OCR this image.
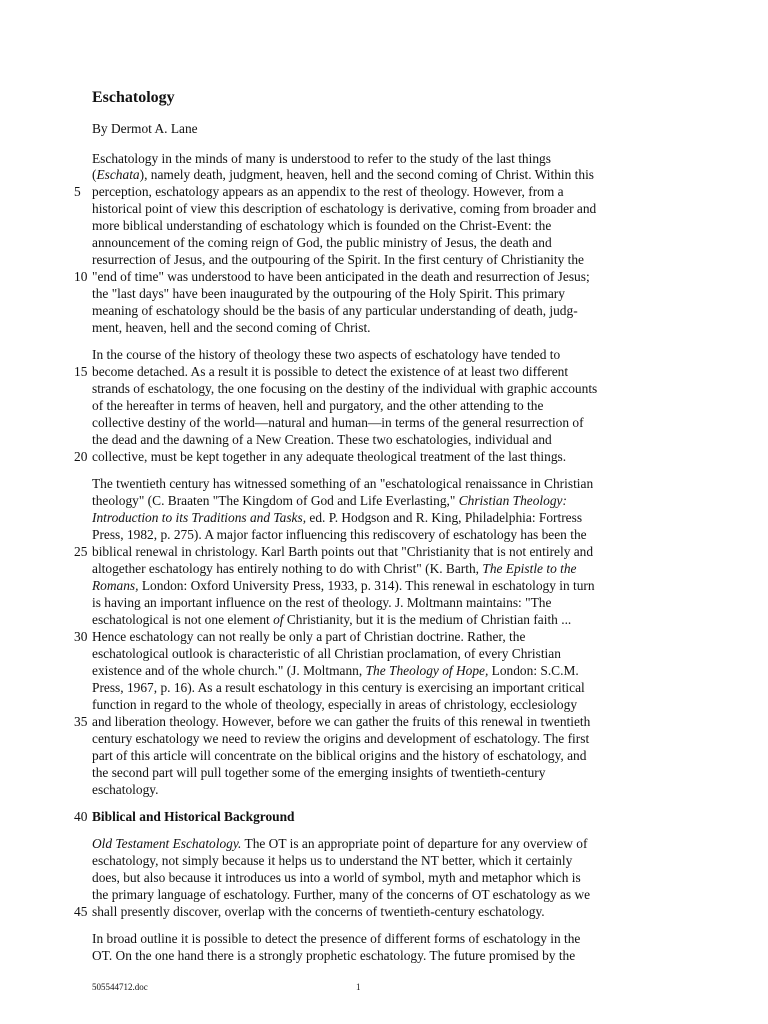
Eschatology
By Dermot A. Lane
Eschatology in the minds of many is understood to refer to the study of the last things
(Eschata), namely death, judgment, heaven, hell and the second coming of Christ. Within this
perception, eschatology appears as an appendix to the rest of theology. However, from a
5
historical point of view this description of eschatology is derivative, coming from broader and
more biblical understanding of eschatology which is founded on the Christ-Event: the
announcement of the coming reign of God, the public ministry of Jesus, the death and
resurrection of Jesus, and the outpouring of the Spirit. In the first century of Christianity the
"end of time" was understood to have been anticipated in the death and resurrection of Jesus;
10
the "last days" have been inaugurated by the outpouring of the Holy Spirit. This primary
meaning of eschatology should be the basis of any particular understanding of death, judg-
ment, heaven, hell and the second coming of Christ.
In the course of the history of theology these two aspects of eschatology have tended to
become detached. As a result it is possible to detect the existence of at least two different
15
strands of eschatology, the one focusing on the destiny of the individual with graphic accounts
of the hereafter in terms of heaven, hell and purgatory, and the other attending to the
collective destiny of the world—natural and human—in terms of the general resurrection of
the dead and the dawning of a New Creation. These two eschatologies, individual and
collective, must be kept together in any adequate theological treatment of the last things.
20
The twentieth century has witnessed something of an "eschatological renaissance in Christian
theology" (C. Braaten "The Kingdom of God and Life Everlasting," Christian Theology:
Introduction to its Traditions and Tasks, ed. P. Hodgson and R. King, Philadelphia: Fortress
Press, 1982, p. 275). A major factor influencing this rediscovery of eschatology has been the
biblical renewal in christology. Karl Barth points out that "Christianity that is not entirely and
25
altogether eschatology has entirely nothing to do with Christ" (K. Barth, The Epistle to the
Romans, London: Oxford University Press, 1933, p. 314). This renewal in eschatology in turn
is having an important influence on the rest of theology. J. Moltmann maintains: "The
eschatological is not one element of Christianity, but it is the medium of Christian faith ...
Hence eschatology can not really be only a part of Christian doctrine. Rather, the
30
eschatological outlook is characteristic of all Christian proclamation, of every Christian
existence and of the whole church." (J. Moltmann, The Theology of Hope, London: S.C.M.
Press, 1967, p. 16). As a result eschatology in this century is exercising an important critical
function in regard to the whole of theology, especially in areas of christology, ecclesiology
and liberation theology. However, before we can gather the fruits of this renewal in twentieth
35
century eschatology we need to review the origins and development of eschatology. The first
part of this article will concentrate on the biblical origins and the history of eschatology, and
the second part will pull together some of the emerging insights of twentieth-century
eschatology.
Biblical and Historical Background
40
Old Testament Eschatology. The OT is an appropriate point of departure for any overview of
eschatology, not simply because it helps us to understand the NT better, which it certainly
does, but also because it introduces us into a world of symbol, myth and metaphor which is
the primary language of eschatology. Further, many of the concerns of OT eschatology as we
shall presently discover, overlap with the concerns of twentieth-century eschatology.
45
In broad outline it is possible to detect the presence of different forms of eschatology in the
OT. On the one hand there is a strongly prophetic eschatology. The future promised by the
505544712.doc	1
